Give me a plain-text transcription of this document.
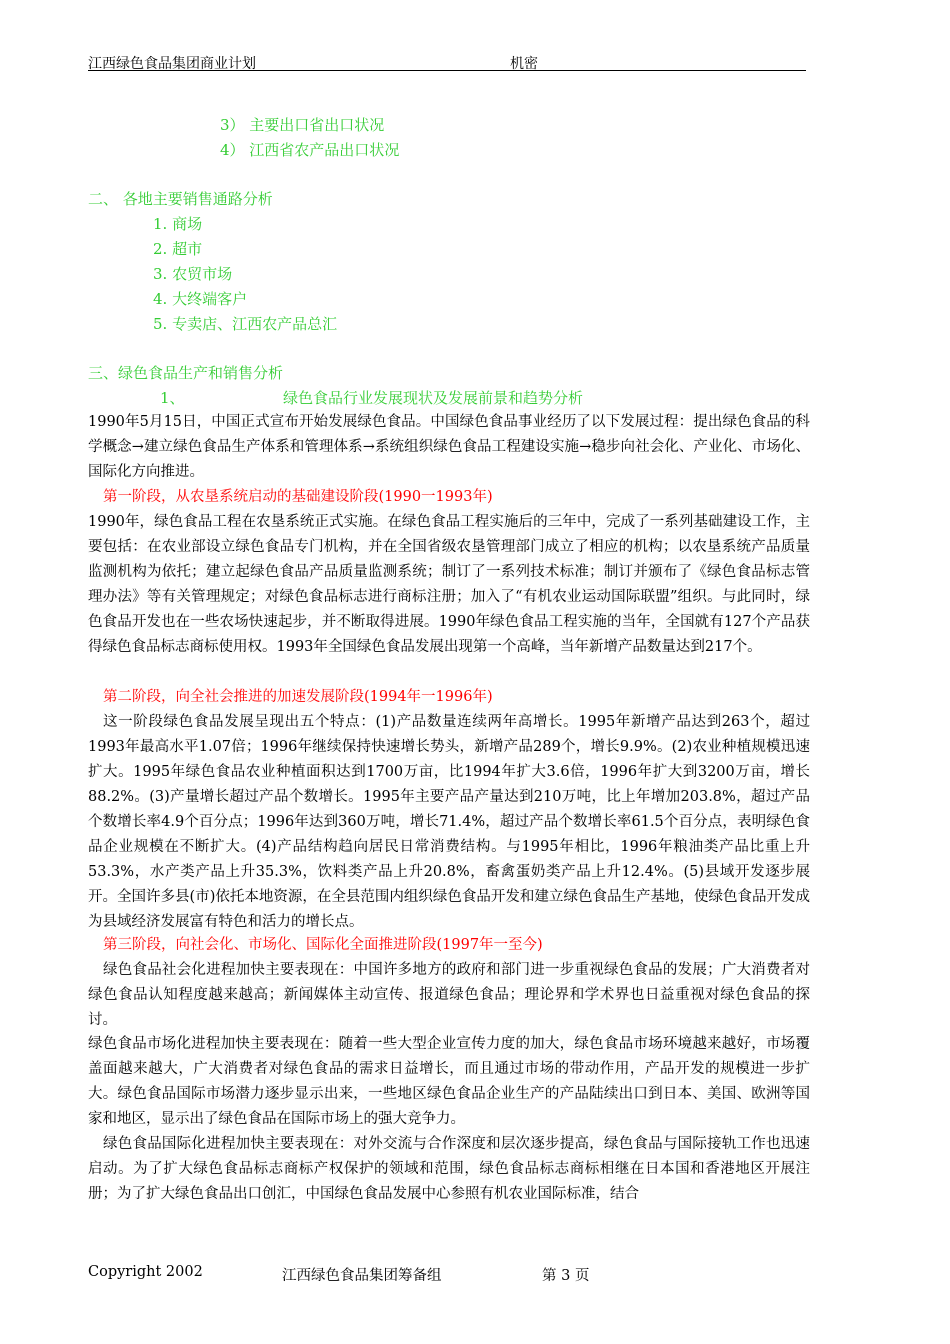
江西绿色食品集团商业计划	机密
3） 主要出口省出口状况
4） 江西省农产品出口状况
二、 各地主要销售通路分析
1. 商场
2. 超市
3. 农贸市场
4. 大终端客户
5. 专卖店、江西农产品总汇
三、绿色食品生产和销售分析
1、	绿色食品行业发展现状及发展前景和趋势分析

1990年5月15日，中国正式宣布开始发展绿色食品。中国绿色食品事业经历了以下发展过程：提出绿色食品的科学概念→建立绿色食品生产体系和管理体系→系统组织绿色食品工程建设实施→稳步向社会化、产业化、市场化、国际化方向推进。

第一阶段，从农垦系统启动的基础建设阶段(1990一1993年)

1990年，绿色食品工程在农垦系统正式实施。在绿色食品工程实施后的三年中，完成了一系列基础建设工作，主要包括：在农业部设立绿色食品专门机构，并在全国省级农垦管理部门成立了相应的机构；以农垦系统产品质量监测机构为依托；建立起绿色食品产品质量监测系统；制订了一系列技术标准；制订并颁布了《绿色食品标志管理办法》等有关管理规定；对绿色食品标志进行商标注册；加入了“有机农业运动国际联盟”组织。与此同时，绿色食品开发也在一些农场快速起步，并不断取得进展。1990年绿色食品工程实施的当年，全国就有127个产品获得绿色食品标志商标使用权。1993年全国绿色食品发展出现第一个高峰，当年新增产品数量达到217个。

第二阶段，向全社会推进的加速发展阶段(1994年一1996年)

这一阶段绿色食品发展呈现出五个特点：(1)产品数量连续两年高增长。1995年新增产品达到263个，超过1993年最高水平1.07倍；1996年继续保持快速增长势头，新增产品289个，增长9.9%。(2)农业种植规模迅速扩大。1995年绿色食品农业种植面积达到1700万亩，比1994年扩大3.6倍，1996年扩大到3200万亩，增长88.2%。(3)产量增长超过产品个数增长。1995年主要产品产量达到210万吨，比上年增加203.8%，超过产品个数增长率4.9个百分点；1996年达到360万吨，增长71.4%，超过产品个数增长率61.5个百分点，表明绿色食品企业规模在不断扩大。(4)产品结构趋向居民日常消费结构。与1995年相比，1996年粮油类产品比重上升53.3%，水产类产品上升35.3%，饮料类产品上升20.8%，畜禽蛋奶类产品上升12.4%。(5)县域开发逐步展开。全国许多县(市)依托本地资源，在全县范围内组织绿色食品开发和建立绿色食品生产基地，使绿色食品开发成为县域经济发展富有特色和活力的增长点。

第三阶段，向社会化、市场化、国际化全面推进阶段(1997年一至今)

绿色食品社会化进程加快主要表现在：中国许多地方的政府和部门进一步重视绿色食品的发展；广大消费者对绿色食品认知程度越来越高；新闻媒体主动宣传、报道绿色食品；理论界和学术界也日益重视对绿色食品的探讨。

绿色食品市场化进程加快主要表现在：随着一些大型企业宣传力度的加大，绿色食品市场环境越来越好，市场覆盖面越来越大，广大消费者对绿色食品的需求日益增长，而且通过市场的带动作用，产品开发的规模进一步扩大。绿色食品国际市场潜力逐步显示出来，一些地区绿色食品企业生产的产品陆续出口到日本、美国、欧洲等国家和地区，显示出了绿色食品在国际市场上的强大竞争力。

绿色食品国际化进程加快主要表现在：对外交流与合作深度和层次逐步提高，绿色食品与国际接轨工作也迅速启动。为了扩大绿色食品标志商标产权保护的领域和范围，绿色食品标志商标相继在日本国和香港地区开展注册；为了扩大绿色食品出口创汇，中国绿色食品发展中心参照有机农业国际标准，结合

Copyright 2002	江西绿色食品集团筹备组	第 3 页
